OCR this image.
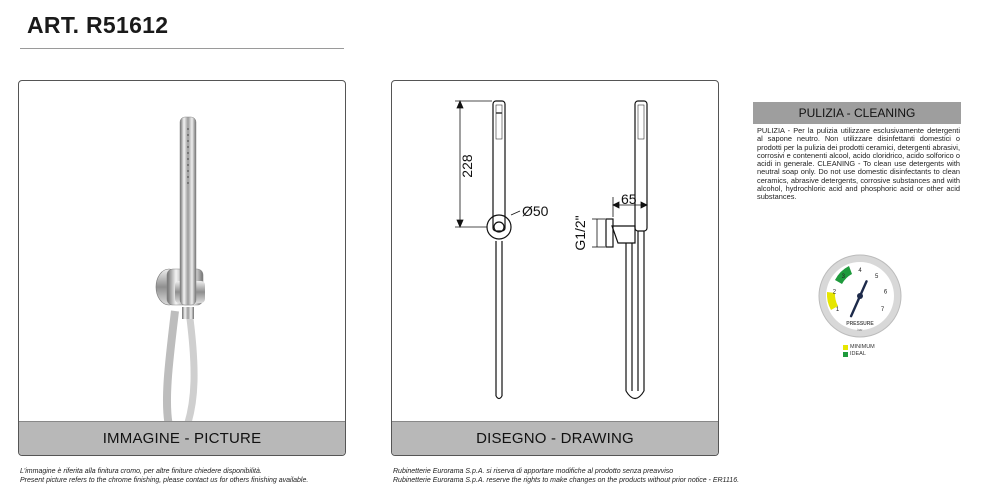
ART. R51612
IMMAGINE - PICTURE
228
Ø50
65
G1/2"
DISEGNO - DRAWING
L'immagine è riferita alla finitura cromo, per altre finiture chiedere disponibilità.
Present picture refers to the chrome finishing, please contact us for others finishing available.
Rubinetterie Eurorama S.p.A. si riserva di apportare modifiche al prodotto senza preavviso
Rubinetterie Eurorama S.p.A. reserve the rights to make changes on the products without prior notice - ER1116.
PULIZIA - CLEANING
PULIZIA - Per la pulizia utilizzare esclusivamente detergenti al sapone neutro. Non utilizzare disinfettanti domestici o prodotti per la pulizia dei prodotti ceramici, detergenti abrasivi, corrosivi e contenenti alcool, acido cloridrico, acido solforico o acidi in generale. CLEANING - To clean use detergents with neutral soap only. Do not use domestic disinfectants to clean ceramics, abrasive detergents, corrosive substances and with alcohol, hydrochloric acid and phosphoric acid or other acid substances.
1
2
3
4
5
6
7
PRESSURE
bar
MINIMUM
IDEAL
